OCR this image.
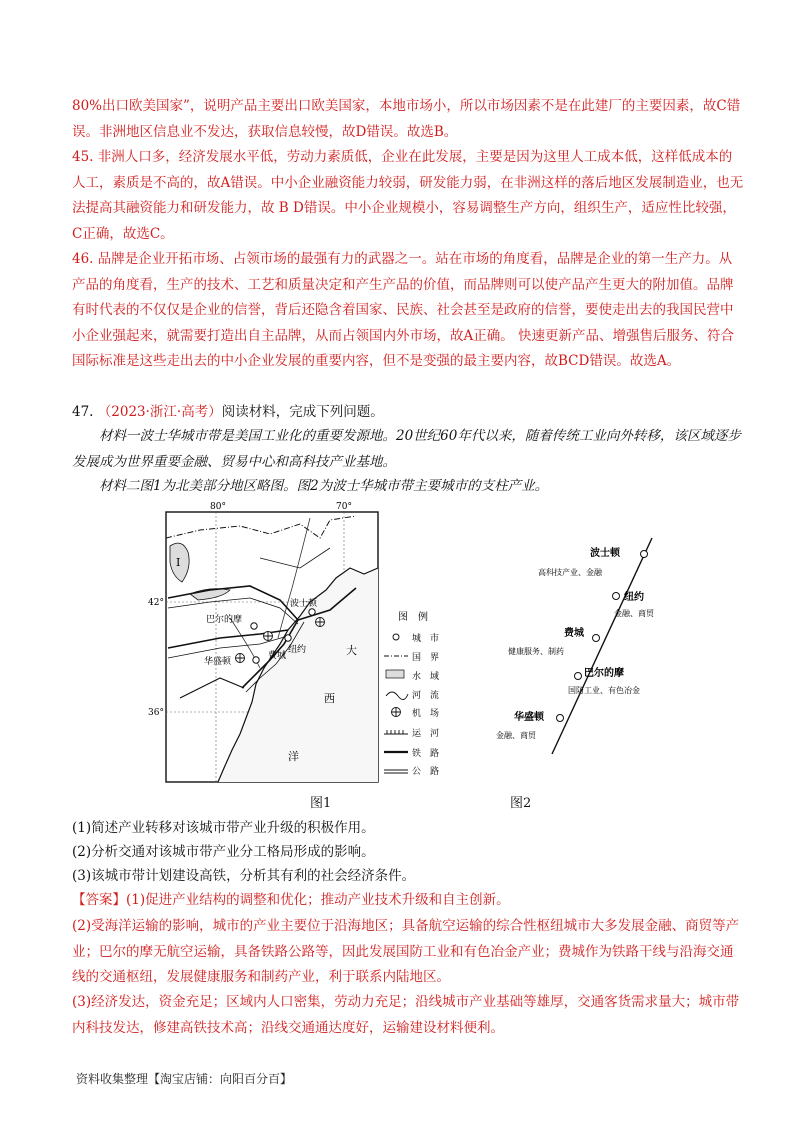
80%出口欧美国家”，说明产品主要出口欧美国家，本地市场小，所以市场因素不是在此建厂的主要因素，故C错误。非洲地区信息业不发达，获取信息较慢，故D错误。故选B。
45. 非洲人口多，经济发展水平低，劳动力素质低，企业在此发展，主要是因为这里人工成本低，这样低成本的人工，素质是不高的，故A错误。中小企业融资能力较弱，研发能力弱，在非洲这样的落后地区发展制造业，也无法提高其融资能力和研发能力，故 B D错误。中小企业规模小，容易调整生产方向，组织生产，适应性比较强，C正确，故选C。
46. 品牌是企业开拓市场、占领市场的最强有力的武器之一。站在市场的角度看，品牌是企业的第一生产力。从产品的角度看，生产的技术、工艺和质量决定和产生产品的价值，而品牌则可以使产品产生更大的附加值。品牌有时代表的不仅仅是企业的信誉，背后还隐含着国家、民族、社会甚至是政府的信誉，要使走出去的我国民营中小企业强起来，就需要打造出自主品牌，从而占领国内外市场，故A正确。 快速更新产品、增强售后服务、符合国际标准是这些走出去的中小企业发展的重要内容，但不是变强的最主要内容，故BCD错误。故选A。
47. （2023·浙江·高考）阅读材料，完成下列问题。
材料一波士华城市带是美国工业化的重要发源地。20世纪60年代以来，随着传统工业向外转移，该区域逐步发展成为世界重要金融、贸易中心和高科技产业基地。
材料二图1为北美部分地区略图。图2为波士华城市带主要城市的支柱产业。
80°	70°
42°
36°
I
波士顿
巴尔的摩
纽约
华盛顿
费城	大
西
洋
图　例
城　市
国　界
水　域
河　流
机　场
运　河
铁　路
公　路
图1
波士顿
高科技产业、金融
纽约
金融、商贸
费城
健康服务、制药
巴尔的摩
国防工业、有色冶金
华盛顿
金融、商贸
图2
(1)简述产业转移对该城市带产业升级的积极作用。
(2)分析交通对该城市带产业分工格局形成的影响。
(3)该城市带计划建设高铁，分析其有利的社会经济条件。
【答案】(1)促进产业结构的调整和优化；推动产业技术升级和自主创新。
(2)受海洋运输的影响，城市的产业主要位于沿海地区；具备航空运输的综合性枢纽城市大多发展金融、商贸等产业；巴尔的摩无航空运输，具备铁路公路等，因此发展国防工业和有色冶金产业；费城作为铁路干线与沿海交通线的交通枢纽，发展健康服务和制药产业，利于联系内陆地区。
(3)经济发达，资金充足；区域内人口密集，劳动力充足；沿线城市产业基础等雄厚，交通客货需求量大；城市带内科技发达，修建高铁技术高；沿线交通通达度好，运输建设材料便利。
资料收集整理【淘宝店铺：向阳百分百】
